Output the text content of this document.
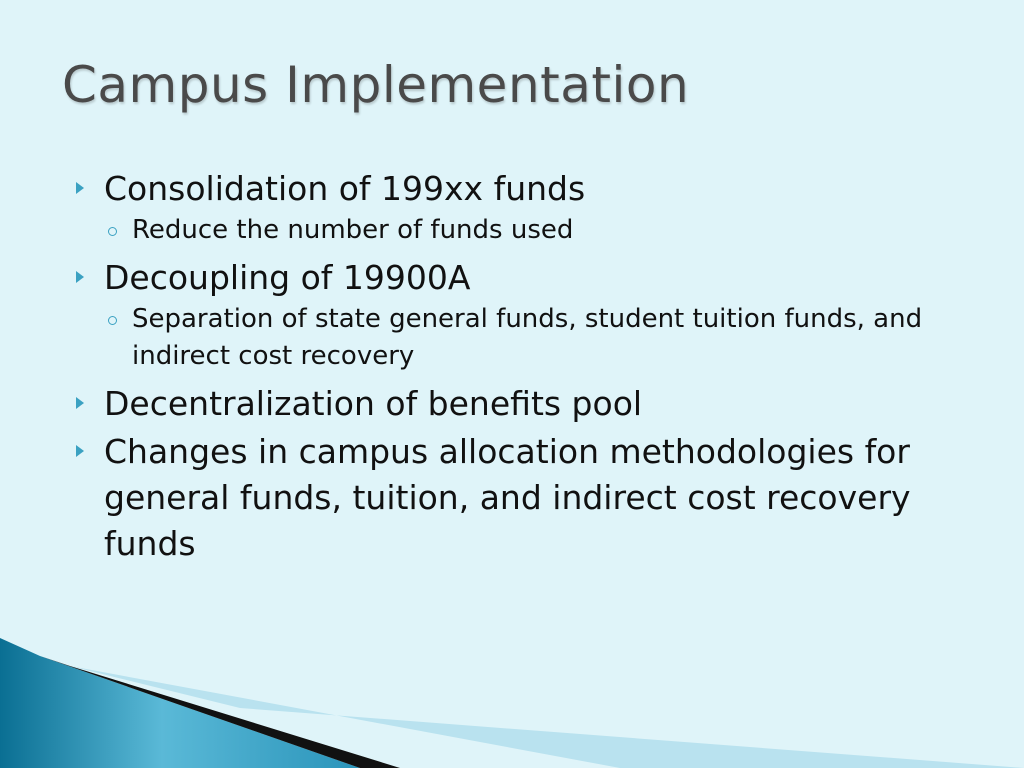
Campus Implementation
Consolidation of 199xx funds
Reduce the number of funds used
Decoupling of 19900A
Separation of state general funds, student tuition funds, and indirect cost recovery
Decentralization of benefits pool
Changes in campus allocation methodologies for general funds, tuition, and indirect cost recovery funds
